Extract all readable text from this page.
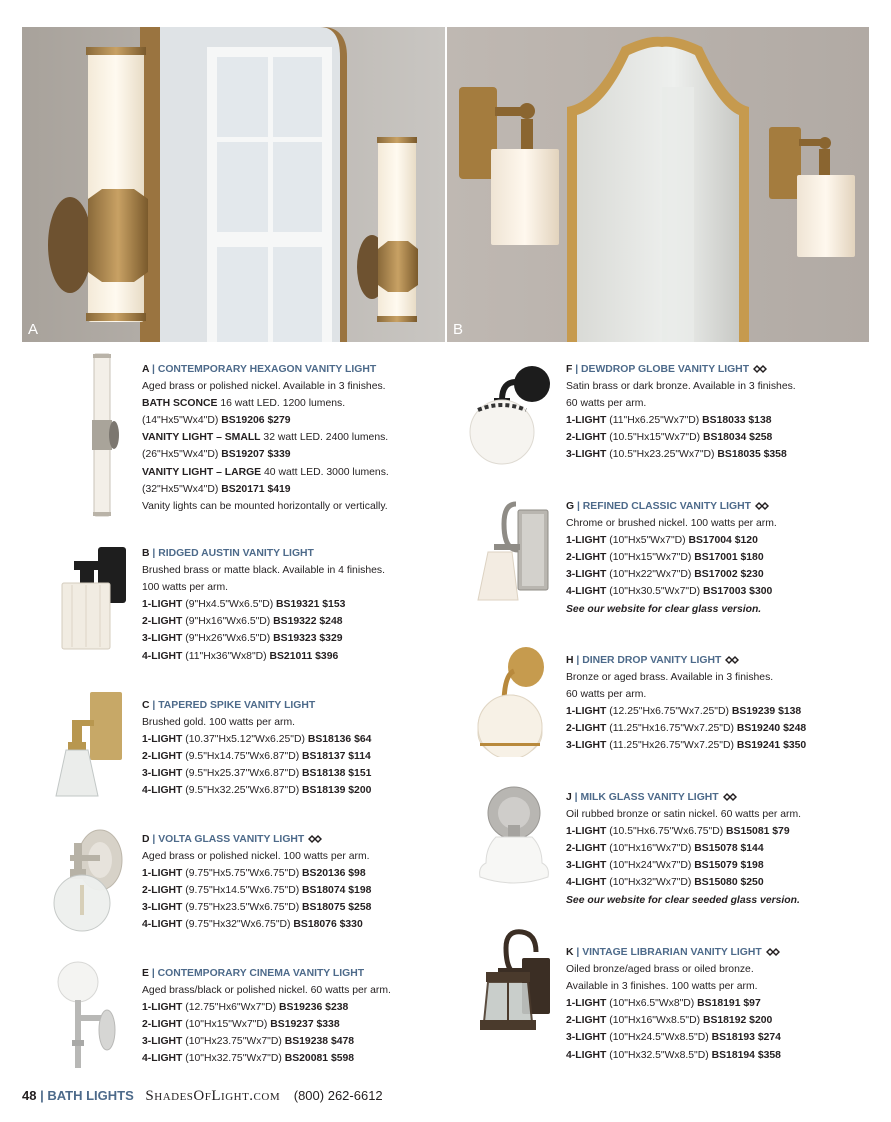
A	B
A | CONTEMPORARY HEXAGON VANITY LIGHT
Aged brass or polished nickel. Available in 3 finishes.
BATH SCONCE 16 watt LED. 1200 lumens.
(14"Hx5"Wx4"D) BS19206 $279
VANITY LIGHT – SMALL 32 watt LED. 2400 lumens.
(26"Hx5"Wx4"D) BS19207 $339
VANITY LIGHT – LARGE 40 watt LED. 3000 lumens.
(32"Hx5"Wx4"D) BS20171 $419
Vanity lights can be mounted horizontally or vertically.
B | RIDGED AUSTIN VANITY LIGHT
Brushed brass or matte black. Available in 4 finishes.
100 watts per arm.
1-LIGHT (9"Hx4.5"Wx6.5"D) BS19321 $153
2-LIGHT (9"Hx16"Wx6.5"D) BS19322 $248
3-LIGHT (9"Hx26"Wx6.5"D) BS19323 $329
4-LIGHT (11"Hx36"Wx8"D) BS21011 $396
C | TAPERED SPIKE VANITY LIGHT
Brushed gold. 100 watts per arm.
1-LIGHT (10.37"Hx5.12"Wx6.25"D) BS18136 $64
2-LIGHT (9.5"Hx14.75"Wx6.87"D) BS18137 $114
3-LIGHT (9.5"Hx25.37"Wx6.87"D) BS18138 $151
4-LIGHT (9.5"Hx32.25"Wx6.87"D) BS18139 $200
D | VOLTA GLASS VANITY LIGHT
Aged brass or polished nickel. 100 watts per arm.
1-LIGHT (9.75"Hx5.75"Wx6.75"D) BS20136 $98
2-LIGHT (9.75"Hx14.5"Wx6.75"D) BS18074 $198
3-LIGHT (9.75"Hx23.5"Wx6.75"D) BS18075 $258
4-LIGHT (9.75"Hx32"Wx6.75"D) BS18076 $330
E | CONTEMPORARY CINEMA VANITY LIGHT
Aged brass/black or polished nickel. 60 watts per arm.
1-LIGHT (12.75"Hx6"Wx7"D) BS19236 $238
2-LIGHT (10"Hx15"Wx7"D) BS19237 $338
3-LIGHT (10"Hx23.75"Wx7"D) BS19238 $478
4-LIGHT (10"Hx32.75"Wx7"D) BS20081 $598
F | DEWDROP GLOBE VANITY LIGHT
Satin brass or dark bronze. Available in 3 finishes.
60 watts per arm.
1-LIGHT (11"Hx6.25"Wx7"D) BS18033 $138
2-LIGHT (10.5"Hx15"Wx7"D) BS18034 $258
3-LIGHT (10.5"Hx23.25"Wx7"D) BS18035 $358
G | REFINED CLASSIC VANITY LIGHT
Chrome or brushed nickel. 100 watts per arm.
1-LIGHT (10"Hx5"Wx7"D) BS17004 $120
2-LIGHT (10"Hx15"Wx7"D) BS17001 $180
3-LIGHT (10"Hx22"Wx7"D) BS17002 $230
4-LIGHT (10"Hx30.5"Wx7"D) BS17003 $300
See our website for clear glass version.
H | DINER DROP VANITY LIGHT
Bronze or aged brass. Available in 3 finishes.
60 watts per arm.
1-LIGHT (12.25"Hx6.75"Wx7.25"D) BS19239 $138
2-LIGHT (11.25"Hx16.75"Wx7.25"D) BS19240 $248
3-LIGHT (11.25"Hx26.75"Wx7.25"D) BS19241 $350
J | MILK GLASS VANITY LIGHT
Oil rubbed bronze or satin nickel. 60 watts per arm.
1-LIGHT (10.5"Hx6.75"Wx6.75"D) BS15081 $79
2-LIGHT (10"Hx16"Wx7"D) BS15078 $144
3-LIGHT (10"Hx24"Wx7"D) BS15079 $198
4-LIGHT (10"Hx32"Wx7"D) BS15080 $250
See our website for clear seeded glass version.
K | VINTAGE LIBRARIAN VANITY LIGHT
Oiled bronze/aged brass or oiled bronze.
Available in 3 finishes. 100 watts per arm.
1-LIGHT (10"Hx6.5"Wx8"D) BS18191 $97
2-LIGHT (10"Hx16"Wx8.5"D) BS18192 $200
3-LIGHT (10"Hx24.5"Wx8.5"D) BS18193 $274
4-LIGHT (10"Hx32.5"Wx8.5"D) BS18194 $358
48 | BATH LIGHTS ShadesOfLight.com (800) 262-6612
